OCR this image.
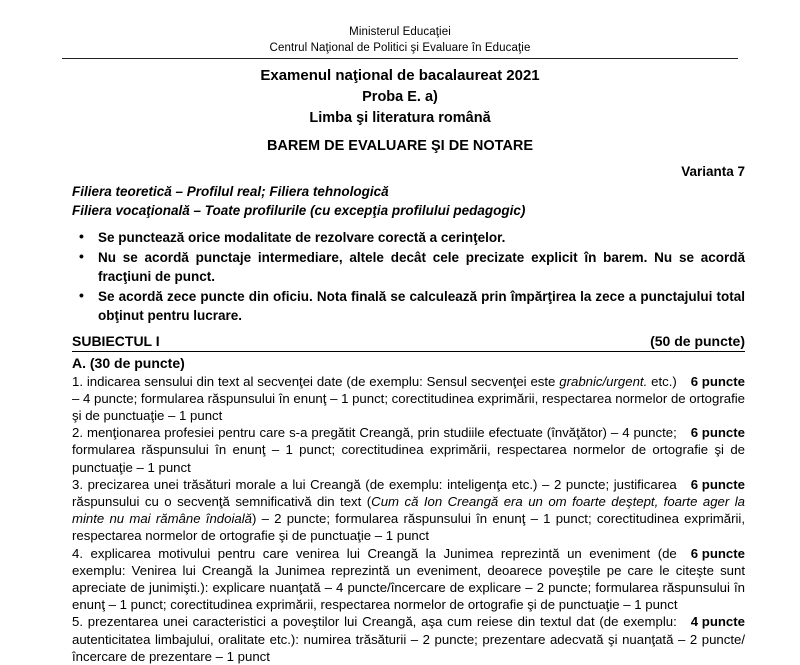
Ministerul Educaţiei
Centrul Naţional de Politici şi Evaluare în Educaţie
Examenul naţional de bacalaureat 2021
Proba E. a)
Limba şi literatura română
BAREM DE EVALUARE ŞI DE NOTARE
Varianta 7
Filiera teoretică – Profilul real; Filiera tehnologică
Filiera vocaţională – Toate profilurile (cu excepţia profilului pedagogic)
• Se punctează orice modalitate de rezolvare corectă a cerinţelor.
• Nu se acordă punctaje intermediare, altele decât cele precizate explicit în barem. Nu se acordă fracţiuni de punct.
• Se acordă zece puncte din oficiu. Nota finală se calculează prin împărţirea la zece a punctajului total obţinut pentru lucrare.
SUBIECTUL I	(50 de puncte)
A. (30 de puncte)

6 puncte
1. indicarea sensului din text al secvenţei date (de exemplu: Sensul secvenţei este grabnic/urgent. etc.) – 4 puncte; formularea răspunsului în enunţ – 1 punct; corectitudinea exprimării, respectarea normelor de ortografie şi de punctuaţie – 1 punct

6 puncte
2. menţionarea profesiei pentru care s-a pregătit Creangă, prin studiile efectuate (învăţător) – 4 puncte; formularea răspunsului în enunţ – 1 punct; corectitudinea exprimării, respectarea normelor de ortografie şi de punctuaţie – 1 punct

6 puncte
3. precizarea unei trăsături morale a lui Creangă (de exemplu: inteligenţa etc.) – 2 puncte; justificarea răspunsului cu o secvenţă semnificativă din text (Cum că Ion Creangă era un om foarte deştept, foarte ager la minte nu mai rămâne îndoială) – 2 puncte; formularea răspunsului în enunţ – 1 punct; corectitudinea exprimării, respectarea normelor de ortografie şi de punctuaţie – 1 punct

6 puncte
4. explicarea motivului pentru care venirea lui Creangă la Junimea reprezintă un eveniment (de exemplu: Venirea lui Creangă la Junimea reprezintă un eveniment, deoarece poveştile pe care le citeşte sunt apreciate de junimişti.): explicare nuanţată – 4 puncte/încercare de explicare – 2 puncte; formularea răspunsului în enunţ – 1 punct; corectitudinea exprimării, respectarea normelor de ortografie şi de punctuaţie – 1 punct

4 puncte
5. prezentarea unei caracteristici a poveştilor lui Creangă, aşa cum reiese din textul dat (de exemplu: autenticitatea limbajului, oralitate etc.): numirea trăsăturii – 2 puncte; prezentare adecvată şi nuanţată – 2 puncte/încercare de prezentare – 1 punct
